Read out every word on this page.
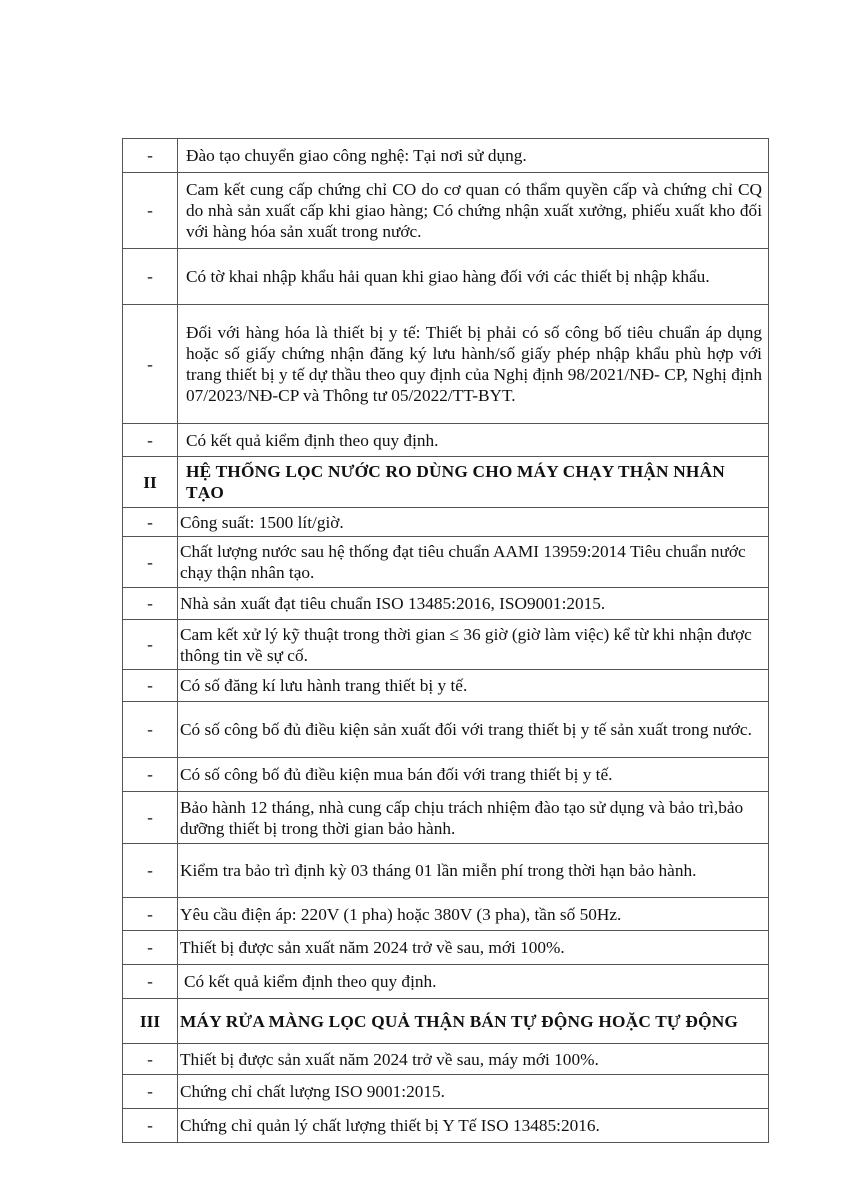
-	Đào tạo chuyển giao công nghệ: Tại nơi sử dụng.
-	Cam kết cung cấp chứng chỉ CO do cơ quan có thẩm quyền cấp và chứng chỉ CQ do nhà sản xuất cấp khi giao hàng; Có chứng nhận xuất xưởng, phiếu xuất kho đối với hàng hóa sản xuất trong nước.
-	Có tờ khai nhập khẩu hải quan khi giao hàng đối với các thiết bị nhập khẩu.
-	Đối với hàng hóa là thiết bị y tế: Thiết bị phải có số công bố tiêu chuẩn áp dụng hoặc số giấy chứng nhận đăng ký lưu hành/số giấy phép nhập khẩu phù hợp với trang thiết bị y tế dự thầu theo quy định của Nghị định 98/2021/NĐ- CP, Nghị định 07/2023/NĐ-CP và Thông tư 05/2022/TT-BYT.
-	Có kết quả kiểm định theo quy định.
II	HỆ THỐNG LỌC NƯỚC RO DÙNG CHO MÁY CHẠY THẬN NHÂN TẠO
-	Công suất: 1500 lít/giờ.
-	Chất lượng nước sau hệ thống đạt tiêu chuẩn AAMI 13959:2014 Tiêu chuẩn nước chạy thận nhân tạo.
-	Nhà sản xuất đạt tiêu chuẩn ISO 13485:2016, ISO9001:2015.
-	Cam kết xử lý kỹ thuật trong thời gian ≤ 36 giờ (giờ làm việc) kể từ khi nhận được thông tin về sự cố.
-	Có số đăng kí lưu hành trang thiết bị y tế.
-	Có số công bố đủ điều kiện sản xuất đối với trang thiết bị y tế sản xuất trong nước.
-	Có số công bố đủ điều kiện mua bán đối với trang thiết bị y tế.
-	Bảo hành 12 tháng, nhà cung cấp chịu trách nhiệm đào tạo sử dụng và bảo trì,bảo dưỡng thiết bị trong thời gian bảo hành.
-	Kiểm tra bảo trì định kỳ 03 tháng 01 lần miễn phí trong thời hạn bảo hành.
-	Yêu cầu điện áp: 220V (1 pha) hoặc 380V (3 pha), tần số 50Hz.
-	Thiết bị được sản xuất năm 2024 trở về sau, mới 100%.
-	Có kết quả kiểm định theo quy định.
III	MÁY RỬA MÀNG LỌC QUẢ THẬN BÁN TỰ ĐỘNG HOẶC TỰ ĐỘNG
-	Thiết bị được sản xuất năm 2024 trở về sau, máy mới 100%.
-	Chứng chỉ chất lượng ISO 9001:2015.
-	Chứng chỉ quản lý chất lượng thiết bị Y Tế ISO 13485:2016.
